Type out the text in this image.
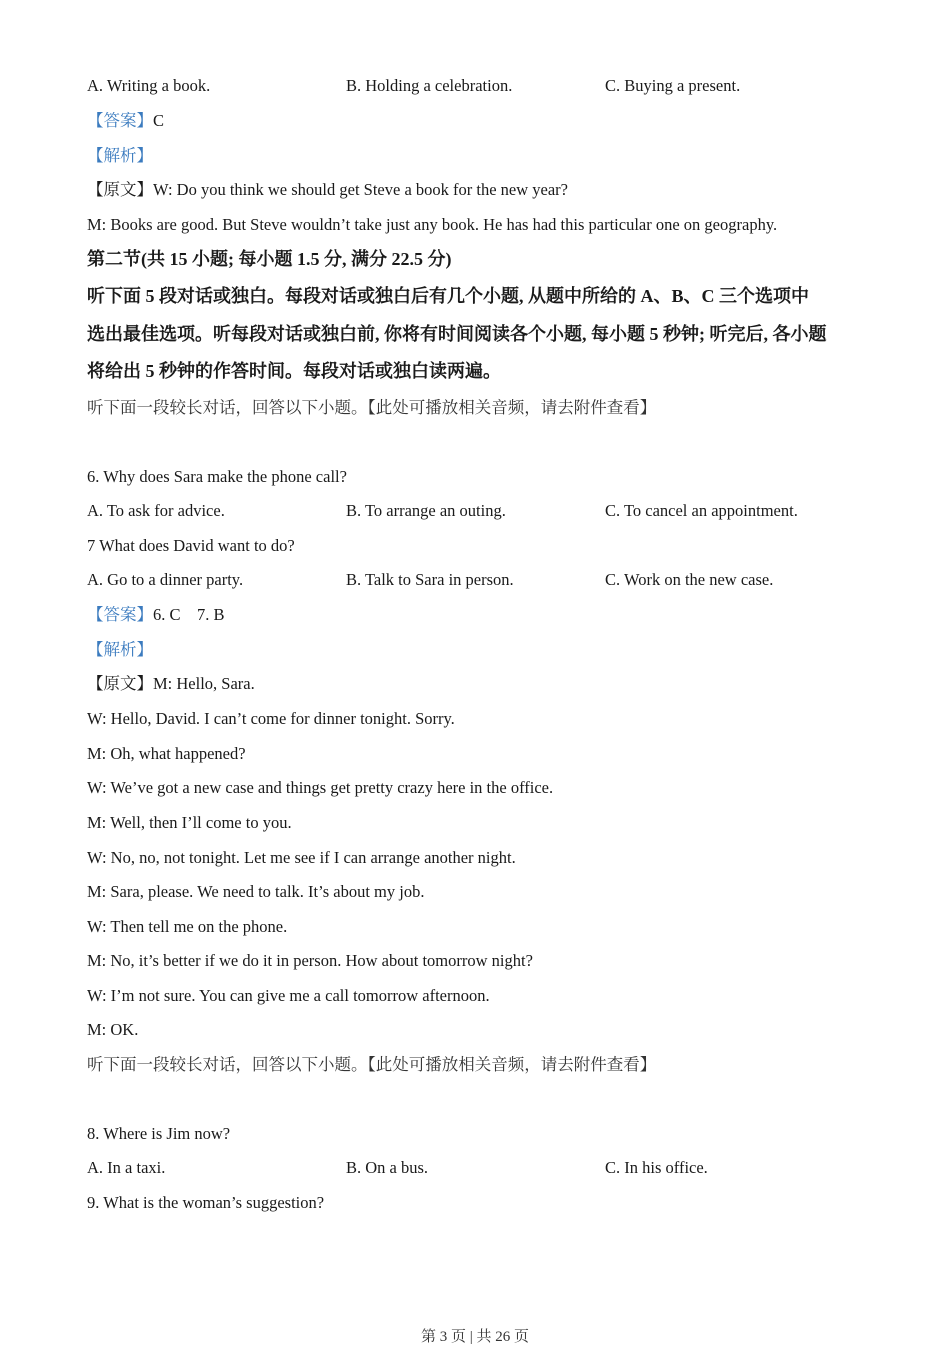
A. Writing a book.	B. Holding a celebration.	C. Buying a present.
【答案】C
【解析】
【原文】W: Do you think we should get Steve a book for the new year?
M: Books are good. But Steve wouldn’t take just any book. He has had this particular one on geography.
第二节(共 15 小题; 每小题 1.5 分, 满分 22.5 分)
听下面 5 段对话或独白。每段对话或独白后有几个小题, 从题中所给的 A、B、C 三个选项中
选出最佳选项。听每段对话或独白前, 你将有时间阅读各个小题, 每小题 5 秒钟; 听完后, 各小题
将给出 5 秒钟的作答时间。每段对话或独白读两遍。
听下面一段较长对话，回答以下小题。【此处可播放相关音频，请去附件查看】
6. Why does Sara make the phone call?
A. To ask for advice.	B. To arrange an outing.	C. To cancel an appointment.
7 What does David want to do?
A. Go to a dinner party.	B. Talk to Sara in person.	C. Work on the new case.
【答案】6. C    7. B
【解析】
【原文】M: Hello, Sara.
W: Hello, David. I can’t come for dinner tonight. Sorry.
M: Oh, what happened?
W: We’ve got a new case and things get pretty crazy here in the office.
M: Well, then I’ll come to you.
W: No, no, not tonight. Let me see if I can arrange another night.
M: Sara, please. We need to talk. It’s about my job.
W: Then tell me on the phone.
M: No, it’s better if we do it in person. How about tomorrow night?
W: I’m not sure. You can give me a call tomorrow afternoon.
M: OK.
听下面一段较长对话，回答以下小题。【此处可播放相关音频，请去附件查看】
8. Where is Jim now?
A. In a taxi.	B. On a bus.	C. In his office.
9. What is the woman’s suggestion?
第 3 页 | 共 26 页
